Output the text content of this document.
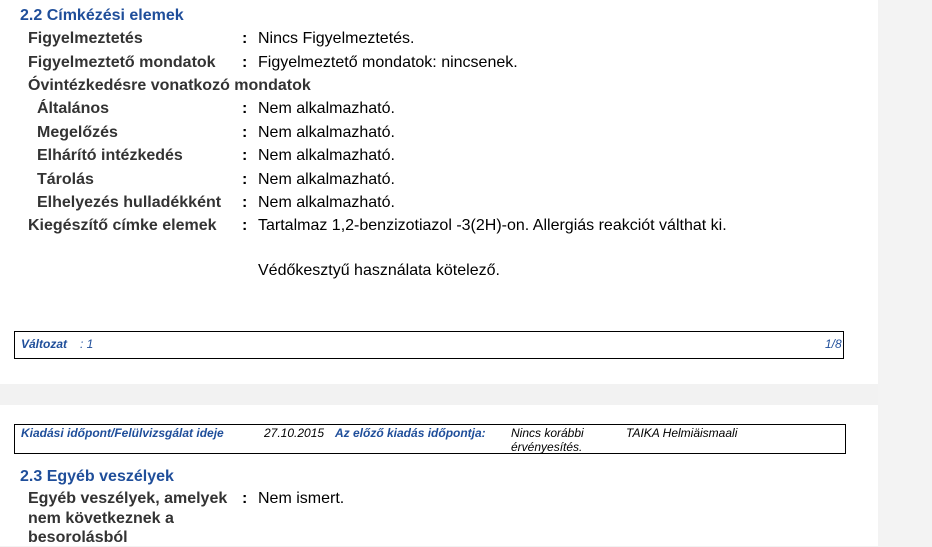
2.2 Címkézési elemek
Figyelmeztetés	: Nincs Figyelmeztetés.
Figyelmeztető mondatok : Figyelmeztető mondatok: nincsenek.
Óvintézkedésre vonatkozó mondatok
Általános	: Nem alkalmazható.
Megelőzés	: Nem alkalmazható.
Elhárító intézkedés	: Nem alkalmazható.
Tárolás	: Nem alkalmazható.
Elhelyezés hulladékként : Nem alkalmazható.
Kiegészítő címke elemek : Tartalmaz 1,2-benzizotiazol -3(2H)-on. Allergiás reakciót válthat ki.
Védőkesztyű használata kötelező.
Változat : 1	1/8
Kiadási időpont/Felülvizsgálat ideje	27.10.2015 Az előző kiadás időpontja: Nincs korábbi
érvényesítés.
TAIKA Helmiäismaali
2.3 Egyéb veszélyek
Egyéb veszélyek, amelyek
nem következnek a
besorolásból
: Nem ismert.
